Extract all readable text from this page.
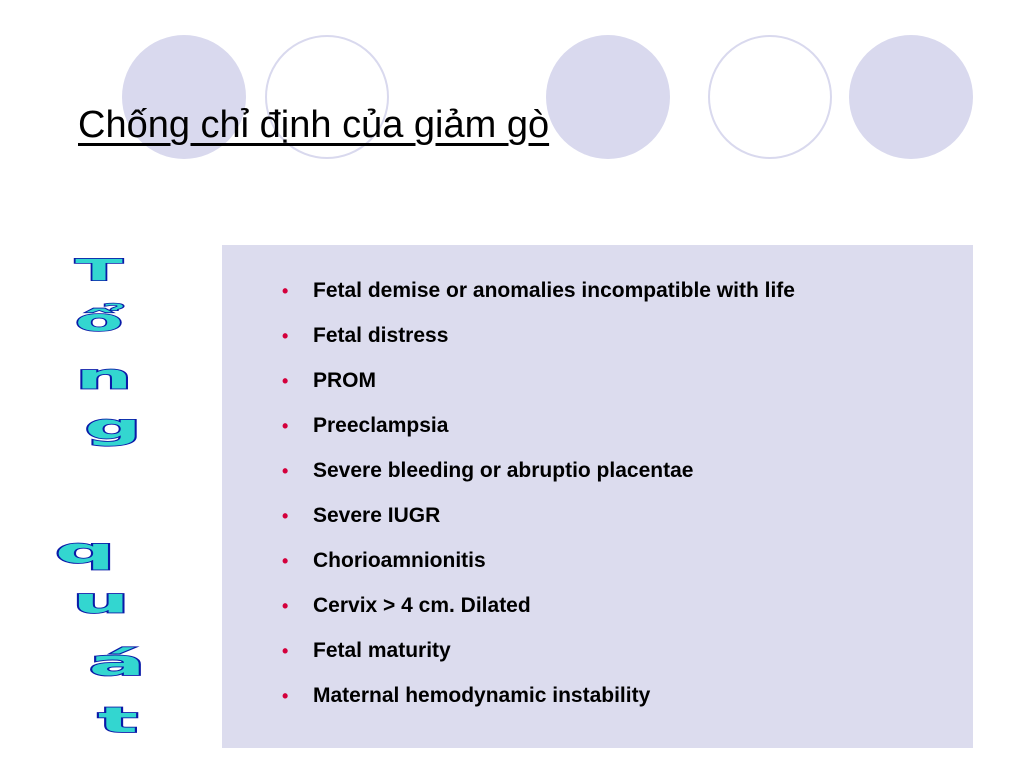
Chống chỉ định của giảm gò
T
ổ
n
g
q
u
á
t
• Fetal demise or anomalies incompatible with life
• Fetal distress
• PROM
• Preeclampsia
• Severe bleeding or abruptio placentae
• Severe IUGR
• Chorioamnionitis
• Cervix > 4 cm. Dilated
• Fetal maturity
• Maternal hemodynamic instability
